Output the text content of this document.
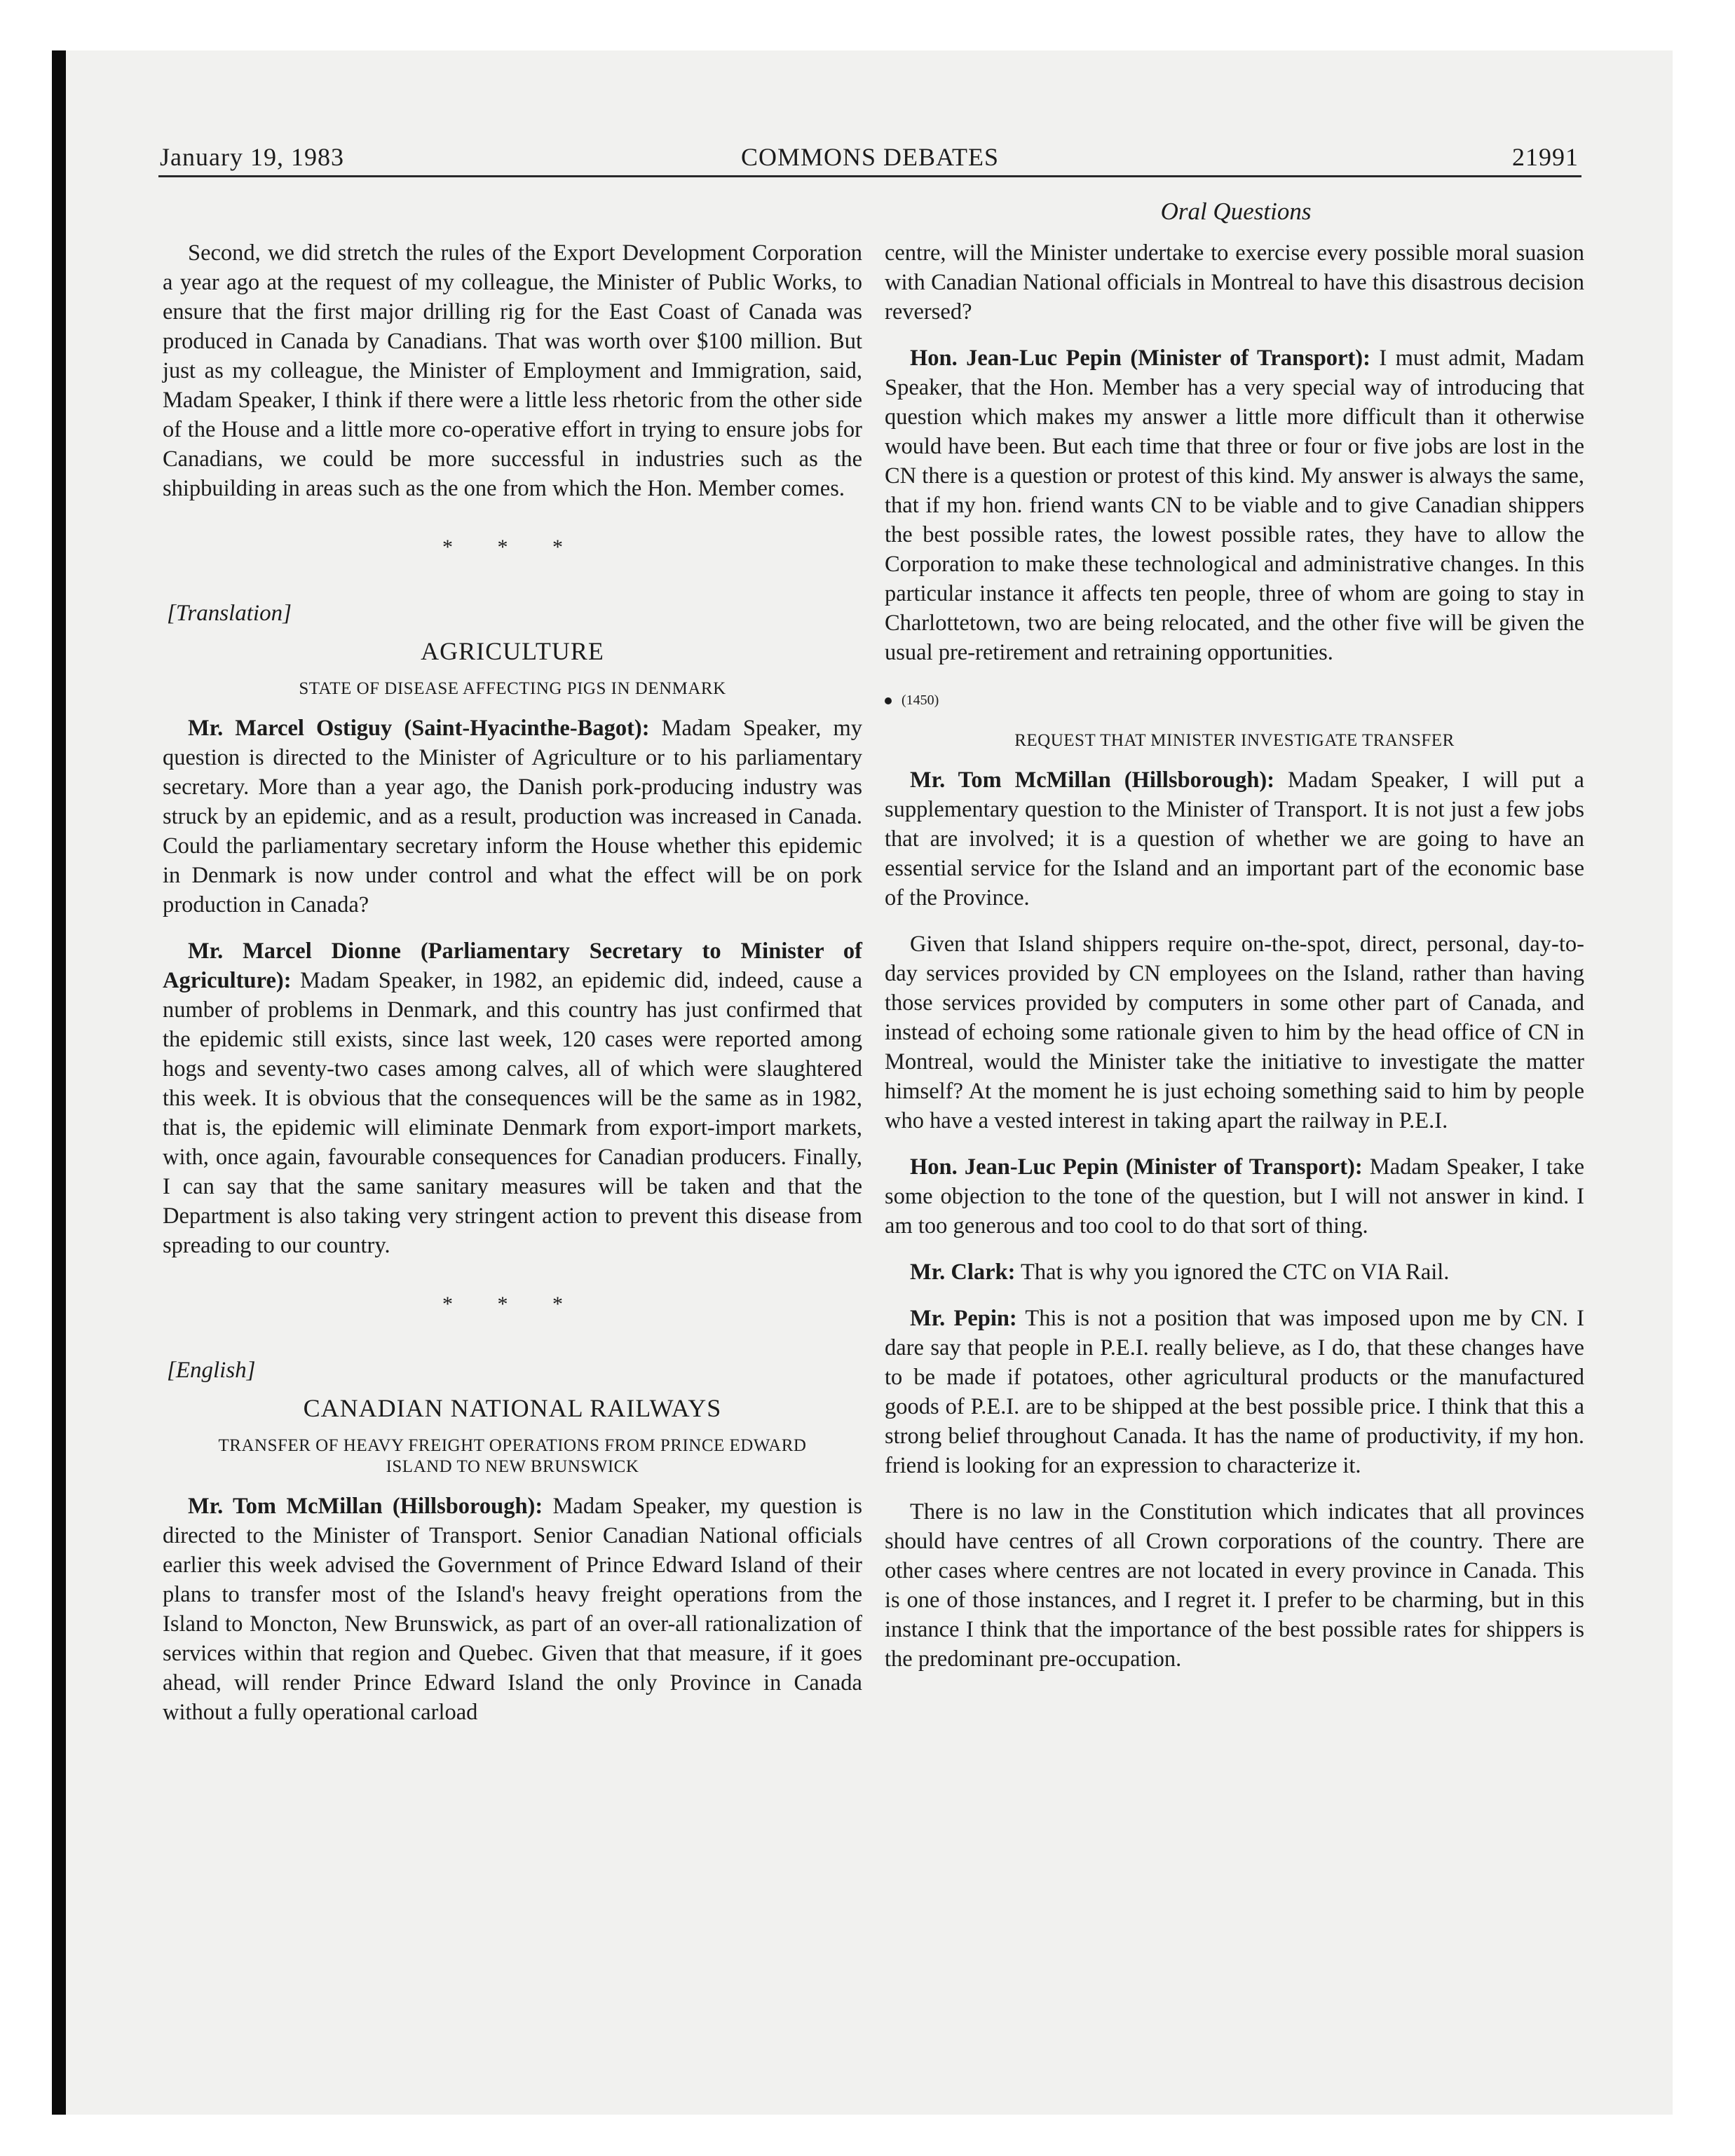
January 19, 1983	COMMONS DEBATES	21991
Oral Questions

Second, we did stretch the rules of the Export Development Corporation a year ago at the request of my colleague, the Minister of Public Works, to ensure that the first major drilling rig for the East Coast of Canada was produced in Canada by Canadians. That was worth over $100 million. But just as my colleague, the Minister of Employment and Immigration, said, Madam Speaker, I think if there were a little less rhetoric from the other side of the House and a little more co-operative effort in trying to ensure jobs for Canadians, we could be more successful in industries such as the shipbuilding in areas such as the one from which the Hon. Member comes.

* * *
[Translation]
AGRICULTURE
STATE OF DISEASE AFFECTING PIGS IN DENMARK

Mr. Marcel Ostiguy (Saint-Hyacinthe-Bagot): Madam Speaker, my question is directed to the Minister of Agriculture or to his parliamentary secretary. More than a year ago, the Danish pork-producing industry was struck by an epidemic, and as a result, production was increased in Canada. Could the parliamentary secretary inform the House whether this epidemic in Denmark is now under control and what the effect will be on pork production in Canada?

Mr. Marcel Dionne (Parliamentary Secretary to Minister of Agriculture): Madam Speaker, in 1982, an epidemic did, indeed, cause a number of problems in Denmark, and this country has just confirmed that the epidemic still exists, since last week, 120 cases were reported among hogs and seventy-two cases among calves, all of which were slaughtered this week. It is obvious that the consequences will be the same as in 1982, that is, the epidemic will eliminate Denmark from export-import markets, with, once again, favourable consequences for Canadian producers. Finally, I can say that the same sanitary measures will be taken and that the Department is also taking very stringent action to prevent this disease from spreading to our country.

* * *
[English]
CANADIAN NATIONAL RAILWAYS
TRANSFER OF HEAVY FREIGHT OPERATIONS FROM PRINCE EDWARD ISLAND TO NEW BRUNSWICK

Mr. Tom McMillan (Hillsborough): Madam Speaker, my question is directed to the Minister of Transport. Senior Canadian National officials earlier this week advised the Government of Prince Edward Island of their plans to transfer most of the Island's heavy freight operations from the Island to Moncton, New Brunswick, as part of an over-all rationalization of services within that region and Quebec. Given that that measure, if it goes ahead, will render Prince Edward Island the only Province in Canada without a fully operational carload

centre, will the Minister undertake to exercise every possible moral suasion with Canadian National officials in Montreal to have this disastrous decision reversed?

Hon. Jean-Luc Pepin (Minister of Transport): I must admit, Madam Speaker, that the Hon. Member has a very special way of introducing that question which makes my answer a little more difficult than it otherwise would have been. But each time that three or four or five jobs are lost in the CN there is a question or protest of this kind. My answer is always the same, that if my hon. friend wants CN to be viable and to give Canadian shippers the best possible rates, the lowest possible rates, they have to allow the Corporation to make these technological and administrative changes. In this particular instance it affects ten people, three of whom are going to stay in Charlottetown, two are being relocated, and the other five will be given the usual pre-retirement and retraining opportunities.

(1450)
REQUEST THAT MINISTER INVESTIGATE TRANSFER

Mr. Tom McMillan (Hillsborough): Madam Speaker, I will put a supplementary question to the Minister of Transport. It is not just a few jobs that are involved; it is a question of whether we are going to have an essential service for the Island and an important part of the economic base of the Province.

Given that Island shippers require on-the-spot, direct, personal, day-to-day services provided by CN employees on the Island, rather than having those services provided by computers in some other part of Canada, and instead of echoing some rationale given to him by the head office of CN in Montreal, would the Minister take the initiative to investigate the matter himself? At the moment he is just echoing something said to him by people who have a vested interest in taking apart the railway in P.E.I.

Hon. Jean-Luc Pepin (Minister of Transport): Madam Speaker, I take some objection to the tone of the question, but I will not answer in kind. I am too generous and too cool to do that sort of thing.

Mr. Clark: That is why you ignored the CTC on VIA Rail.

Mr. Pepin: This is not a position that was imposed upon me by CN. I dare say that people in P.E.I. really believe, as I do, that these changes have to be made if potatoes, other agricultural products or the manufactured goods of P.E.I. are to be shipped at the best possible price. I think that this a strong belief throughout Canada. It has the name of productivity, if my hon. friend is looking for an expression to characterize it.

There is no law in the Constitution which indicates that all provinces should have centres of all Crown corporations of the country. There are other cases where centres are not located in every province in Canada. This is one of those instances, and I regret it. I prefer to be charming, but in this instance I think that the importance of the best possible rates for shippers is the predominant pre-occupation.
